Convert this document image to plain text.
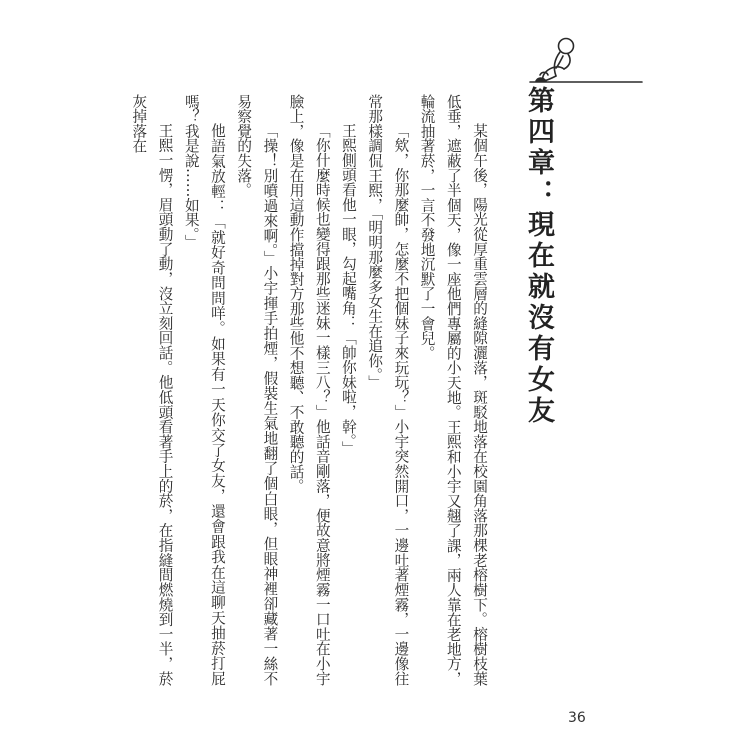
第四章：現在就沒有女友

某個午後，陽光從厚重雲層的縫隙灑落，斑駁地落在校園角落那棵老榕樹下。榕樹枝葉低垂，遮蔽了半個天，像一座他們專屬的小天地。王熙和小宇又翹了課，兩人靠在老地方，輪流抽著菸，一言不發地沉默了一會兒。

「欸，你那麼帥，怎麼不把個妹子來玩玩？」小宇突然開口，一邊吐著煙霧，一邊像往常那樣調侃王熙，「明明那麼多女生在追你。」

王熙側頭看他一眼，勾起嘴角：「帥你妹啦，幹。」

「你什麼時候也變得跟那些迷妹一樣三八？」他話音剛落，便故意將煙霧一口吐在小宇臉上，像是在用這動作擋掉對方那些他不想聽、不敢聽的話。

「操！別噴過來啊。」小宇揮手拍煙，假裝生氣地翻了個白眼，但眼神裡卻藏著一絲不易察覺的失落。

他語氣放輕：「就好奇問問咩。如果有一天你交了女友，還會跟我在這聊天抽菸打屁嗎？我是說……如果。」

王熙一愣，眉頭動了動，沒立刻回話。他低頭看著手上的菸，在指縫間燃燒到一半，菸灰掉落在

36
